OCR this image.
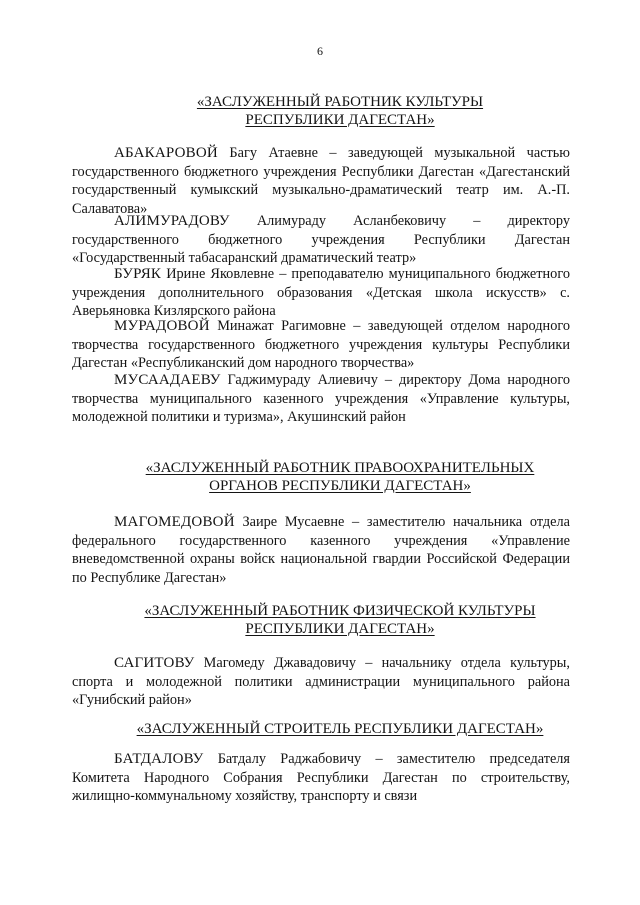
6
«ЗАСЛУЖЕННЫЙ РАБОТНИК КУЛЬТУРЫ
РЕСПУБЛИКИ ДАГЕСТАН»

АБАКАРОВОЙ Багу Атаевне – заведующей музыкальной частью государственного бюджетного учреждения Республики Дагестан «Дагестанский государственный кумыкский музыкально-драматический театр им. А.-П. Салаватова»

АЛИМУРАДОВУ Алимураду Асланбековичу – директору государственного бюджетного учреждения Республики Дагестан «Государственный табасаранский драматический театр»

БУРЯК Ирине Яковлевне – преподавателю муниципального бюджетного учреждения дополнительного образования «Детская школа искусств» с. Аверьяновка Кизлярского района

МУРАДОВОЙ Минажат Рагимовне – заведующей отделом народного творчества государственного бюджетного учреждения культуры Республики Дагестан «Республиканский дом народного творчества»

МУСААДАЕВУ Гаджимураду Алиевичу – директору Дома народного творчества муниципального казенного учреждения «Управление культуры, молодежной политики и туризма», Акушинский район

«ЗАСЛУЖЕННЫЙ РАБОТНИК ПРАВООХРАНИТЕЛЬНЫХ
ОРГАНОВ РЕСПУБЛИКИ ДАГЕСТАН»

МАГОМЕДОВОЙ Заире Мусаевне – заместителю начальника отдела федерального государственного казенного учреждения «Управление вневедомственной охраны войск национальной гвардии Российской Федерации по Республике Дагестан»

«ЗАСЛУЖЕННЫЙ РАБОТНИК ФИЗИЧЕСКОЙ КУЛЬТУРЫ
РЕСПУБЛИКИ ДАГЕСТАН»

САГИТОВУ Магомеду Джавадовичу – начальнику отдела культуры, спорта и молодежной политики администрации муниципального района «Гунибский район»

«ЗАСЛУЖЕННЫЙ СТРОИТЕЛЬ РЕСПУБЛИКИ ДАГЕСТАН»

БАТДАЛОВУ Батдалу Раджабовичу – заместителю председателя Комитета Народного Собрания Республики Дагестан по строительству, жилищно-коммунальному хозяйству, транспорту и связи
